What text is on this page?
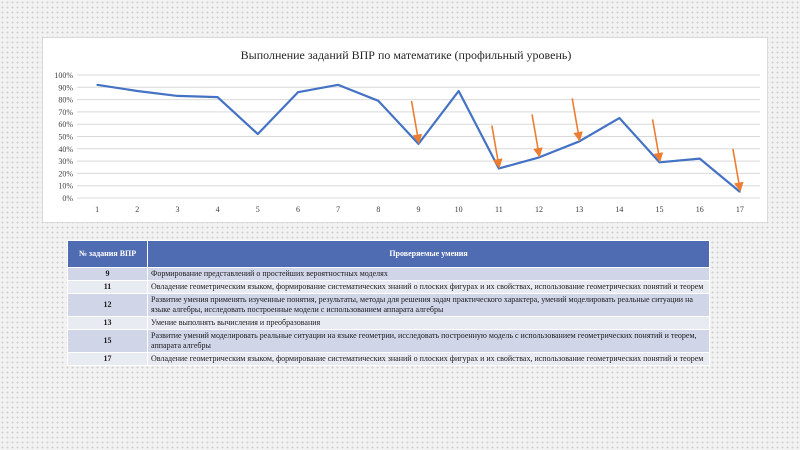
0%
10%
20%
30%
40%
50%
60%
70%
80%
90%
100%
1	2	3	4	5	6	7	8	9	10	11	12	13	14	15	16	17
Выполнение заданий ВПР по математике (профильный уровень)
№ задания ВПР	Проверяемые умения
9	Формирование представлений о простейших вероятностных моделях
11	Овладение геометрическим языком, формирование систематических знаний о плоских фигурах и их свойствах, использование геометрических понятий и теорем
12	Развитие умения применять изученные понятия, результаты, методы для решения задач практического характера, умений моделировать реальные ситуации на языке алгебры, исследовать построенные модели с использованием аппарата алгебры
13	Умение выполнять вычисления и преобразования
15	Развитие умений моделировать реальные ситуации на языке геометрии, исследовать построенную модель с использованием геометрических понятий и теорем, аппарата алгебры
17	Овладение геометрическим языком, формирование систематических знаний о плоских фигурах и их свойствах, использование геометрических понятий и теорем
